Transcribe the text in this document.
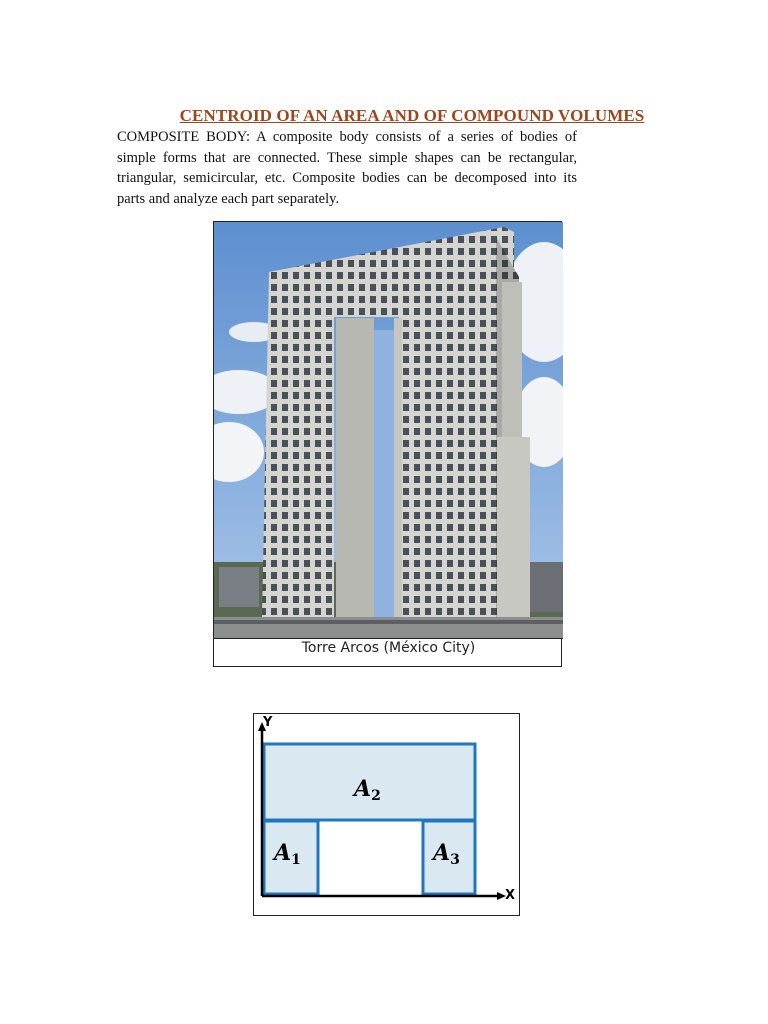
CENTROID OF AN AREA AND OF COMPOUND VOLUMES
COMPOSITE BODY: A composite body consists of a series of bodies of simple forms that are connected. These simple shapes can be rectangular, triangular, semicircular, etc. Composite bodies can be decomposed into its parts and analyze each part separately.
Torre Arcos (México City)
Y
X
$A_2$
$A_1$	$A_3$
